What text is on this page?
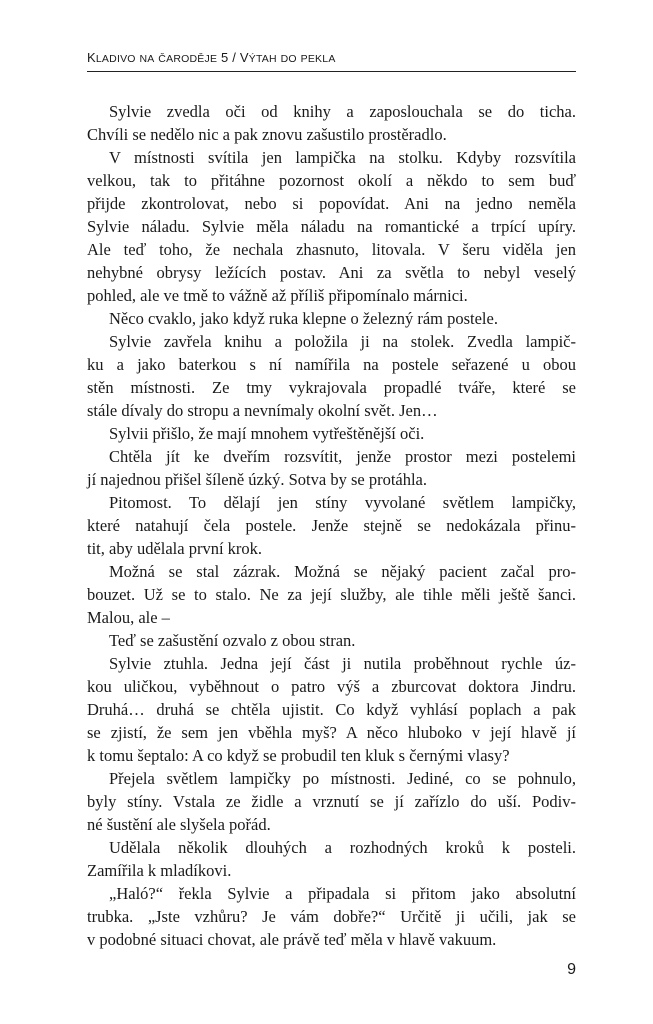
KLADIVO NA ČARODĚJE 5 / VÝTAH DO PEKLA
Sylvie zvedla oči od knihy a zaposlouchala se do ticha.
Chvíli se nedělo nic a pak znovu zašustilo prostěradlo.
V místnosti svítila jen lampička na stolku. Kdyby rozsvítila
velkou, tak to přitáhne pozornost okolí a někdo to sem buď
přijde zkontrolovat, nebo si popovídat. Ani na jedno neměla
Sylvie náladu. Sylvie měla náladu na romantické a trpící upíry.
Ale teď toho, že nechala zhasnuto, litovala. V šeru viděla jen
nehybné obrysy ležících postav. Ani za světla to nebyl veselý
pohled, ale ve tmě to vážně až příliš připomínalo márnici.
Něco cvaklo, jako když ruka klepne o železný rám postele.
Sylvie zavřela knihu a položila ji na stolek. Zvedla lampič-
ku a jako baterkou s ní namířila na postele seřazené u obou
stěn místnosti. Ze tmy vykrajovala propadlé tváře, které se
stále dívaly do stropu a nevnímaly okolní svět. Jen…
Sylvii přišlo, že mají mnohem vytřeštěnější oči.
Chtěla jít ke dveřím rozsvítit, jenže prostor mezi postelemi
jí najednou přišel šíleně úzký. Sotva by se protáhla.
Pitomost. To dělají jen stíny vyvolané světlem lampičky,
které natahují čela postele. Jenže stejně se nedokázala přinu-
tit, aby udělala první krok.
Možná se stal zázrak. Možná se nějaký pacient začal pro-
bouzet. Už se to stalo. Ne za její služby, ale tihle měli ještě šanci.
Malou, ale –
Teď se zašustění ozvalo z obou stran.
Sylvie ztuhla. Jedna její část ji nutila proběhnout rychle úz-
kou uličkou, vyběhnout o patro výš a zburcovat doktora Jindru.
Druhá… druhá se chtěla ujistit. Co když vyhlásí poplach a pak
se zjistí, že sem jen vběhla myš? A něco hluboko v její hlavě jí
k tomu šeptalo: A co když se probudil ten kluk s černými vlasy?
Přejela světlem lampičky po místnosti. Jediné, co se pohnulo,
byly stíny. Vstala ze židle a vrznutí se jí zařízlo do uší. Podiv-
né šustění ale slyšela pořád.
Udělala několik dlouhých a rozhodných kroků k posteli.
Zamířila k mladíkovi.
„Haló?“ řekla Sylvie a připadala si přitom jako absolutní
trubka. „Jste vzhůru? Je vám dobře?“ Určitě ji učili, jak se
v podobné situaci chovat, ale právě teď měla v hlavě vakuum.
9
